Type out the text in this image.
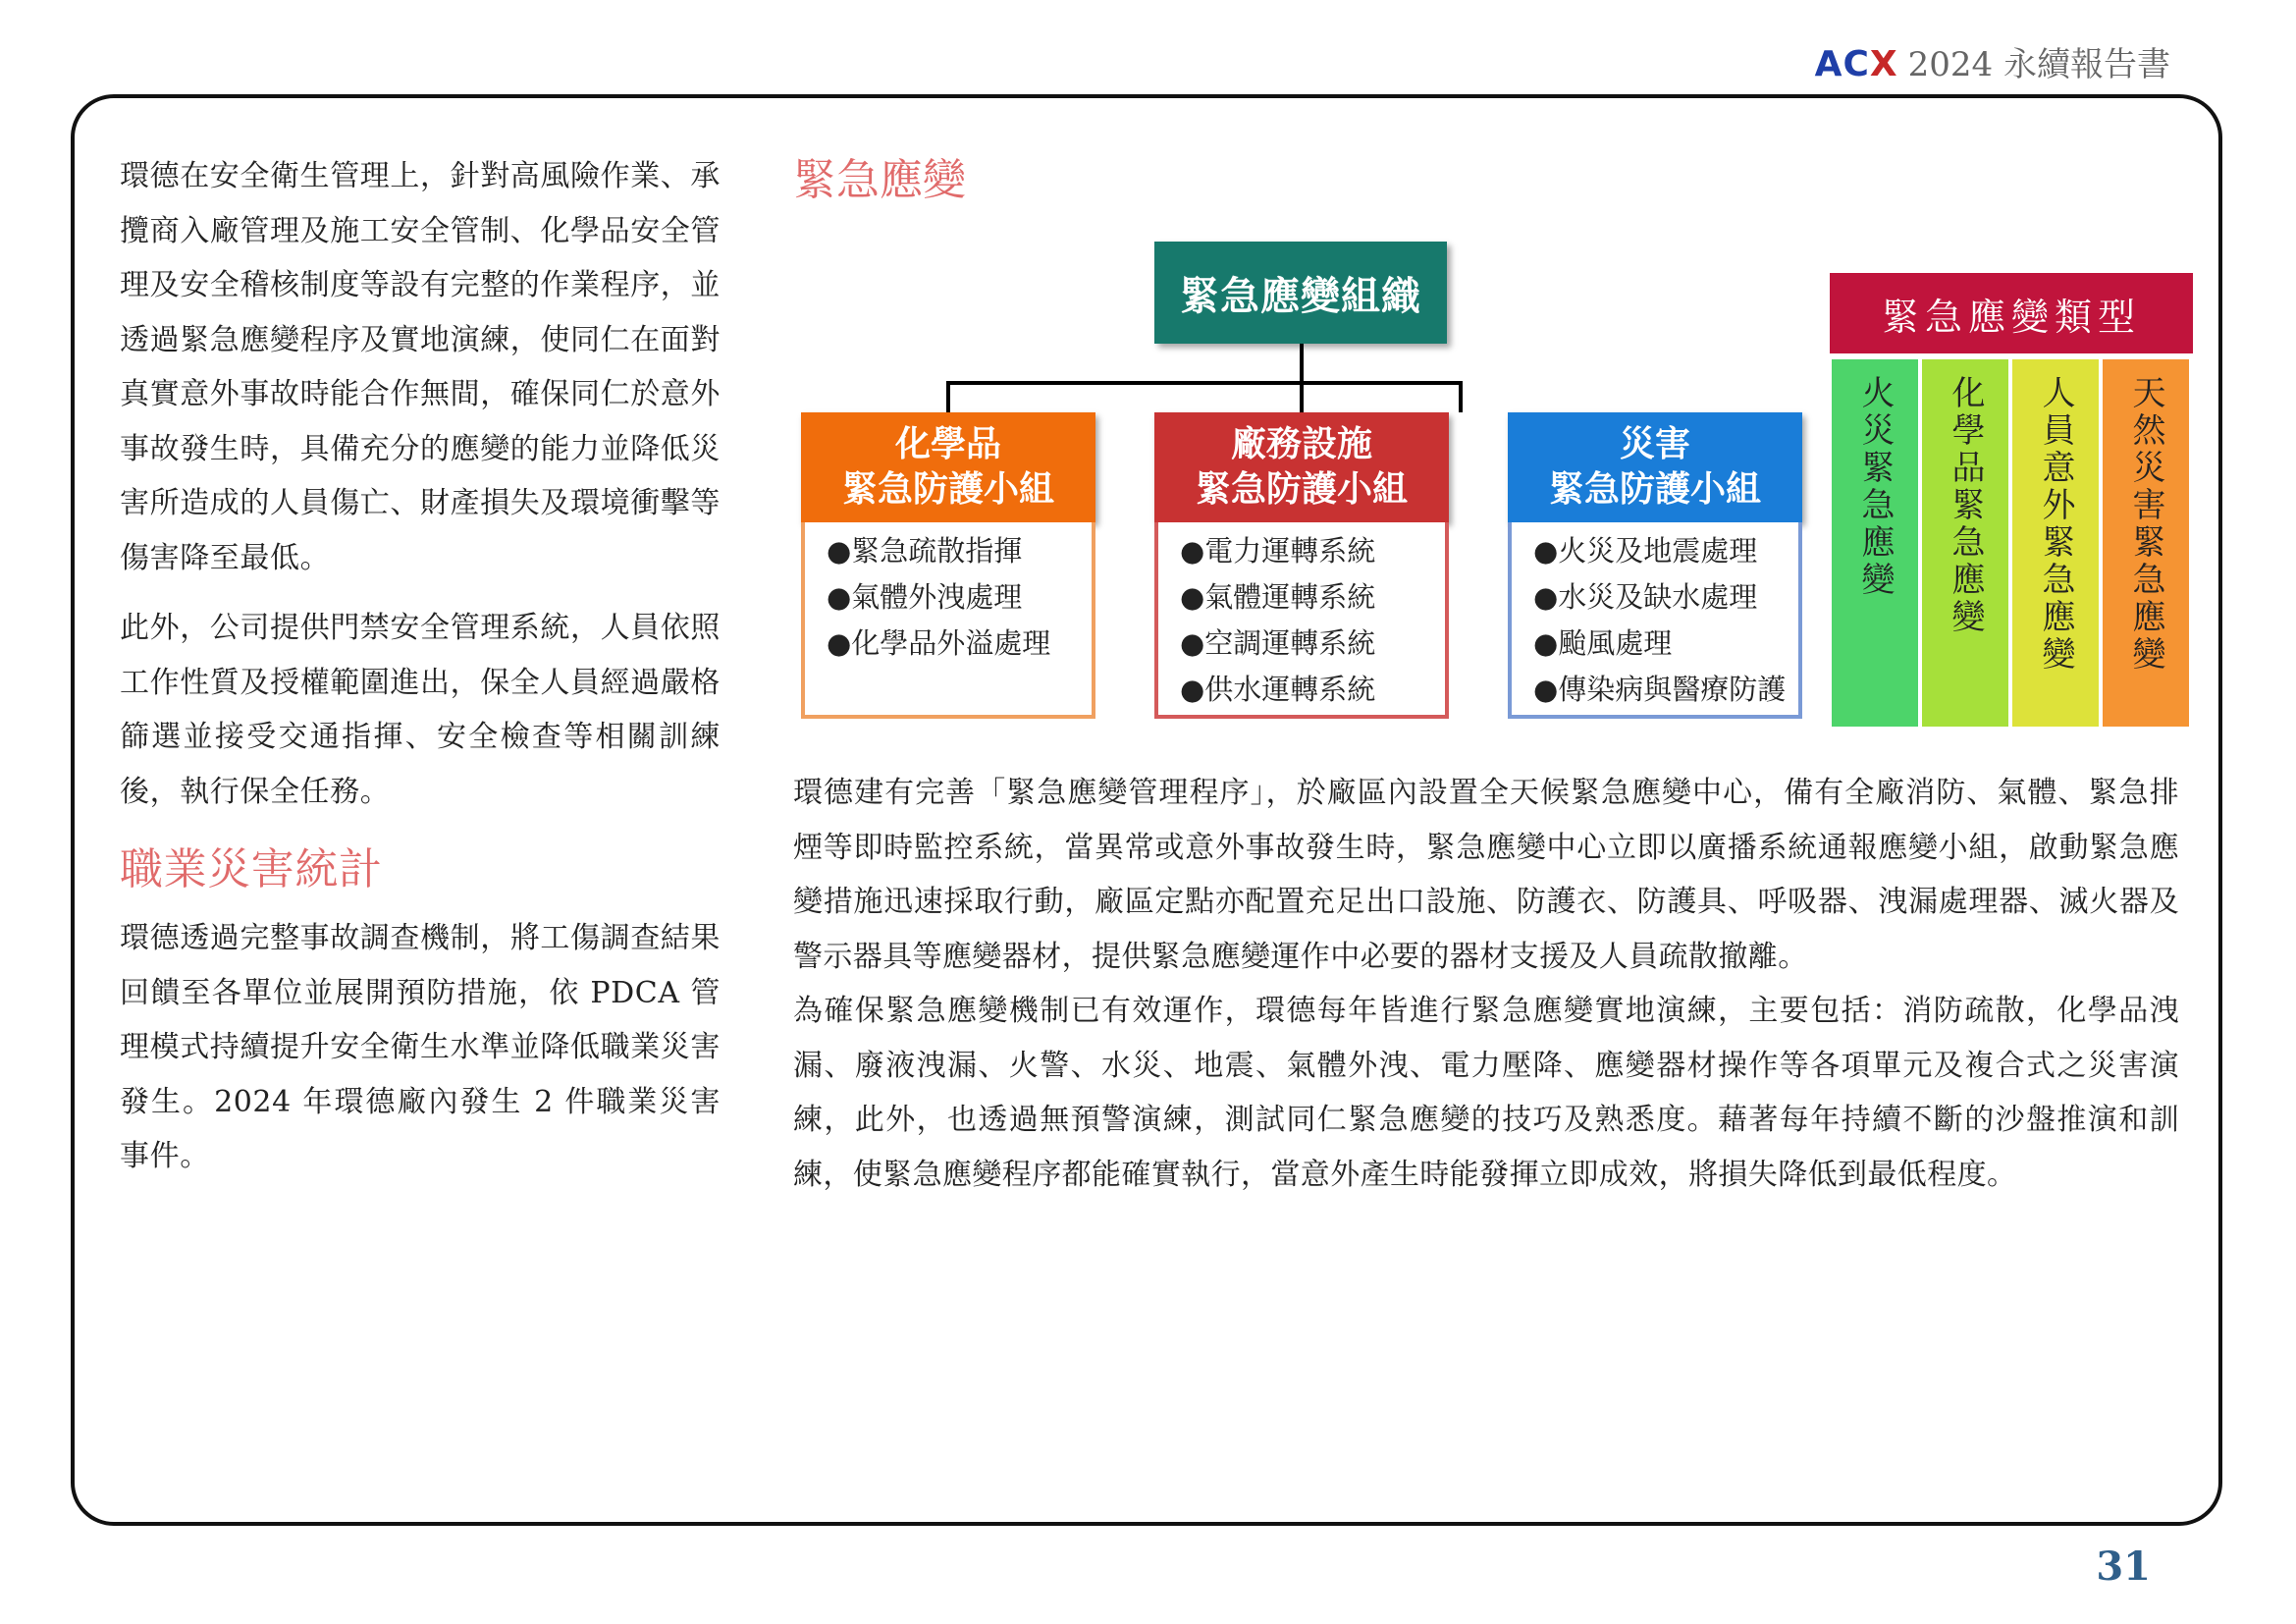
ACX 2024 永續報告書

環德在安全衛生管理上，針對高風險作業、承攬商入廠管理及施工安全管制、化學品安全管理及安全稽核制度等設有完整的作業程序，並透過緊急應變程序及實地演練，使同仁在面對真實意外事故時能合作無間，確保同仁於意外事故發生時，具備充分的應變的能力並降低災害所造成的人員傷亡、財產損失及環境衝擊等傷害降至最低。

此外，公司提供門禁安全管理系統，人員依照工作性質及授權範圍進出，保全人員經過嚴格篩選並接受交通指揮、安全檢查等相關訓練後，執行保全任務。

職業災害統計

環德透過完整事故調查機制，將工傷調查結果回饋至各單位並展開預防措施，依 PDCA 管理模式持續提升安全衛生水準並降低職業災害發生。2024 年環德廠內發生 2 件職業災害事件。

緊急應變
緊急應變組織
化學品
緊急防護小組
●緊急疏散指揮
●氣體外洩處理
●化學品外溢處理
廠務設施
緊急防護小組
●電力運轉系統
●氣體運轉系統
●空調運轉系統
●供水運轉系統
災害
緊急防護小組
●火災及地震處理
●水災及缺水處理
●颱風處理
●傳染病與醫療防護
緊急應變類型
火災緊急應變 化學品緊急應變 人員意外緊急應變 天然災害緊急應變

環德建有完善「緊急應變管理程序」，於廠區內設置全天候緊急應變中心，備有全廠消防、氣體、緊急排煙等即時監控系統，當異常或意外事故發生時，緊急應變中心立即以廣播系統通報應變小組，啟動緊急應變措施迅速採取行動，廠區定點亦配置充足出口設施、防護衣、防護具、呼吸器、洩漏處理器、滅火器及警示器具等應變器材，提供緊急應變運作中必要的器材支援及人員疏散撤離。

為確保緊急應變機制已有效運作，環德每年皆進行緊急應變實地演練，主要包括：消防疏散，化學品洩漏、廢液洩漏、火警、水災、地震、氣體外洩、電力壓降、應變器材操作等各項單元及複合式之災害演練，此外，也透過無預警演練，測試同仁緊急應變的技巧及熟悉度。藉著每年持續不斷的沙盤推演和訓練，使緊急應變程序都能確實執行，當意外產生時能發揮立即成效，將損失降低到最低程度。

31
